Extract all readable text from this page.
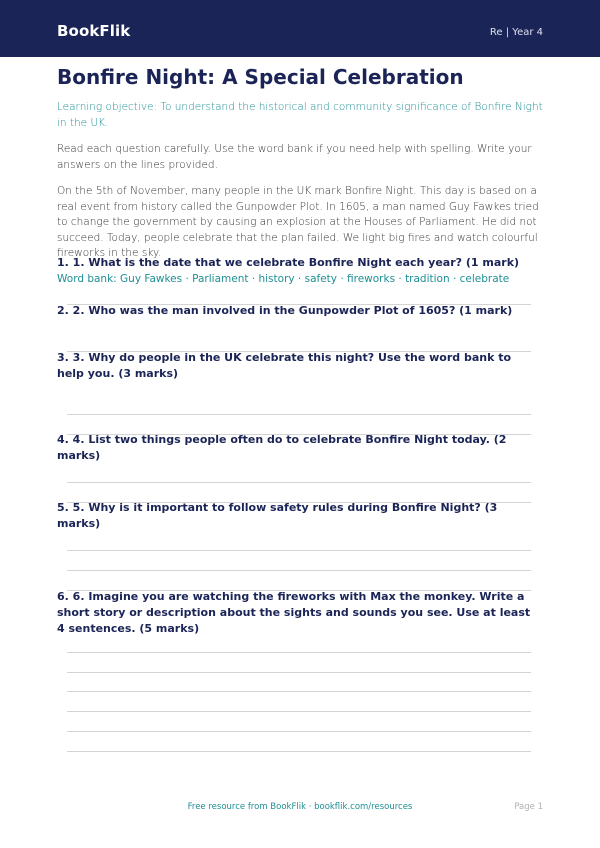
BookFlik	Re | Year 4
Bonfire Night: A Special Celebration

Learning objective: To understand the historical and community significance of Bonfire Night in the UK.

Read each question carefully. Use the word bank if you need help with spelling. Write your answers on the lines provided.

On the 5th of November, many people in the UK mark Bonfire Night. This day is based on a real event from history called the Gunpowder Plot. In 1605, a man named Guy Fawkes tried to change the government by causing an explosion at the Houses of Parliament. He did not succeed. Today, people celebrate that the plan failed. We light big fires and watch colourful fireworks in the sky.

Word bank: Guy Fawkes · Parliament · history · safety · fireworks · tradition · celebrate

1. 1. What is the date that we celebrate Bonfire Night each year? (1 mark)
2. 2. Who was the man involved in the Gunpowder Plot of 1605? (1 mark)
3. 3. Why do people in the UK celebrate this night? Use the word bank to help you. (3 marks)
4. 4. List two things people often do to celebrate Bonfire Night today. (2 marks)
5. 5. Why is it important to follow safety rules during Bonfire Night? (3 marks)
6. 6. Imagine you are watching the fireworks with Max the monkey. Write a short story or description about the sights and sounds you see. Use at least 4 sentences. (5 marks)
Free resource from BookFlik · bookflik.com/resources	Page 1
